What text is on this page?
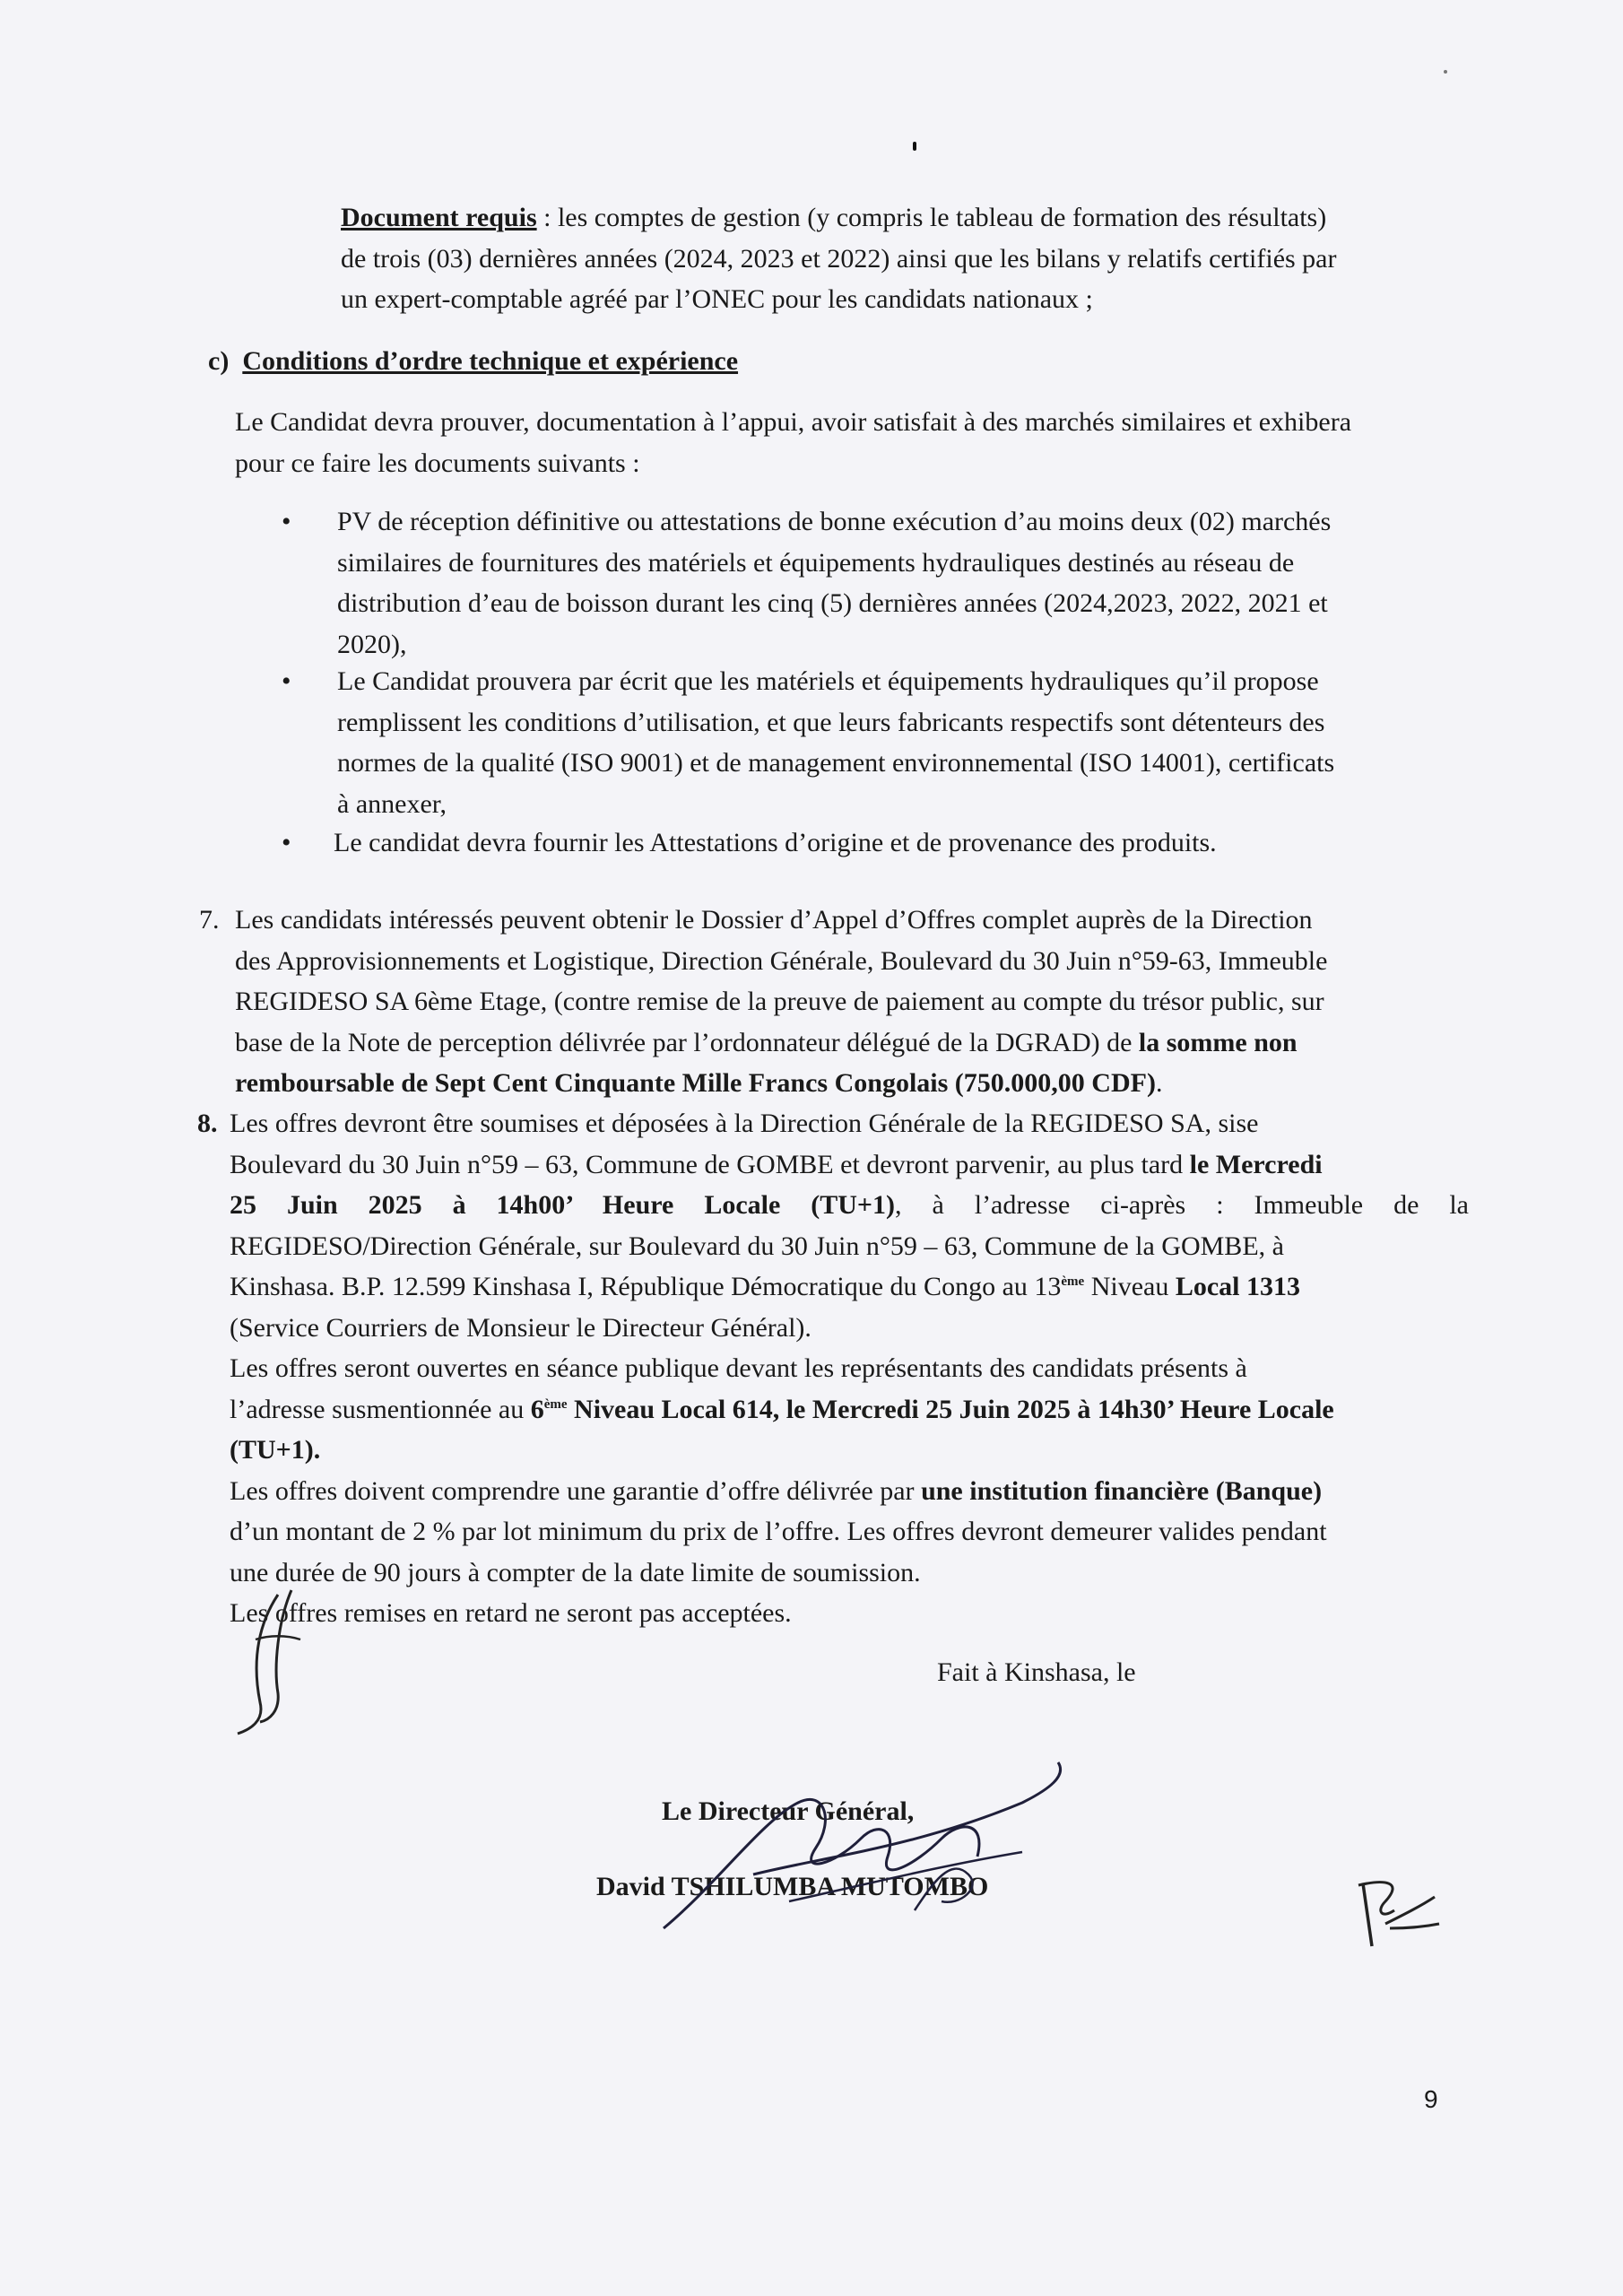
Document requis : les comptes de gestion (y compris le tableau de formation des résultats)
de trois (03) dernières années (2024, 2023 et 2022) ainsi que les bilans y relatifs certifiés par
un expert-comptable agréé par l’ONEC pour les candidats nationaux ;
c) Conditions d’ordre technique et expérience
Le Candidat devra prouver, documentation à l’appui, avoir satisfait à des marchés similaires et exhibera
pour ce faire les documents suivants :
• PV de réception définitive ou attestations de bonne exécution d’au moins deux (02) marchés
similaires de fournitures des matériels et équipements hydrauliques destinés au réseau de
distribution d’eau de boisson durant les cinq (5) dernières années (2024,2023, 2022, 2021 et
2020),
• Le Candidat prouvera par écrit que les matériels et équipements hydrauliques qu’il propose
remplissent les conditions d’utilisation, et que leurs fabricants respectifs sont détenteurs des
normes de la qualité (ISO 9001) et de management environnemental (ISO 14001), certificats
à annexer,
• Le candidat devra fournir les Attestations d’origine et de provenance des produits.
7. Les candidats intéressés peuvent obtenir le Dossier d’Appel d’Offres complet auprès de la Direction
des Approvisionnements et Logistique, Direction Générale, Boulevard du 30 Juin n°59-63, Immeuble
REGIDESO SA 6ème Etage, (contre remise de la preuve de paiement au compte du trésor public, sur
base de la Note de perception délivrée par l’ordonnateur délégué de la DGRAD) de la somme non
remboursable de Sept Cent Cinquante Mille Francs Congolais (750.000,00 CDF).
8. Les offres devront être soumises et déposées à la Direction Générale de la REGIDESO SA, sise
Boulevard du 30 Juin n°59 – 63, Commune de GOMBE et devront parvenir, au plus tard le Mercredi
25 Juin 2025 à 14h00’ Heure Locale (TU+1), à l’adresse ci-après : Immeuble de la
REGIDESO/Direction Générale, sur Boulevard du 30 Juin n°59 – 63, Commune de la GOMBE, à
Kinshasa. B.P. 12.599 Kinshasa I, République Démocratique du Congo au 13ème Niveau Local 1313
(Service Courriers de Monsieur le Directeur Général).
Les offres seront ouvertes en séance publique devant les représentants des candidats présents à
l’adresse susmentionnée au 6ème Niveau Local 614, le Mercredi 25 Juin 2025 à 14h30’ Heure Locale
(TU+1).
Les offres doivent comprendre une garantie d’offre délivrée par une institution financière (Banque)
d’un montant de 2 % par lot minimum du prix de l’offre. Les offres devront demeurer valides pendant
une durée de 90 jours à compter de la date limite de soumission.
Les offres remises en retard ne seront pas acceptées.
Fait à Kinshasa, le
Le Directeur Général,
David TSHILUMBA MUTOMBO
9
